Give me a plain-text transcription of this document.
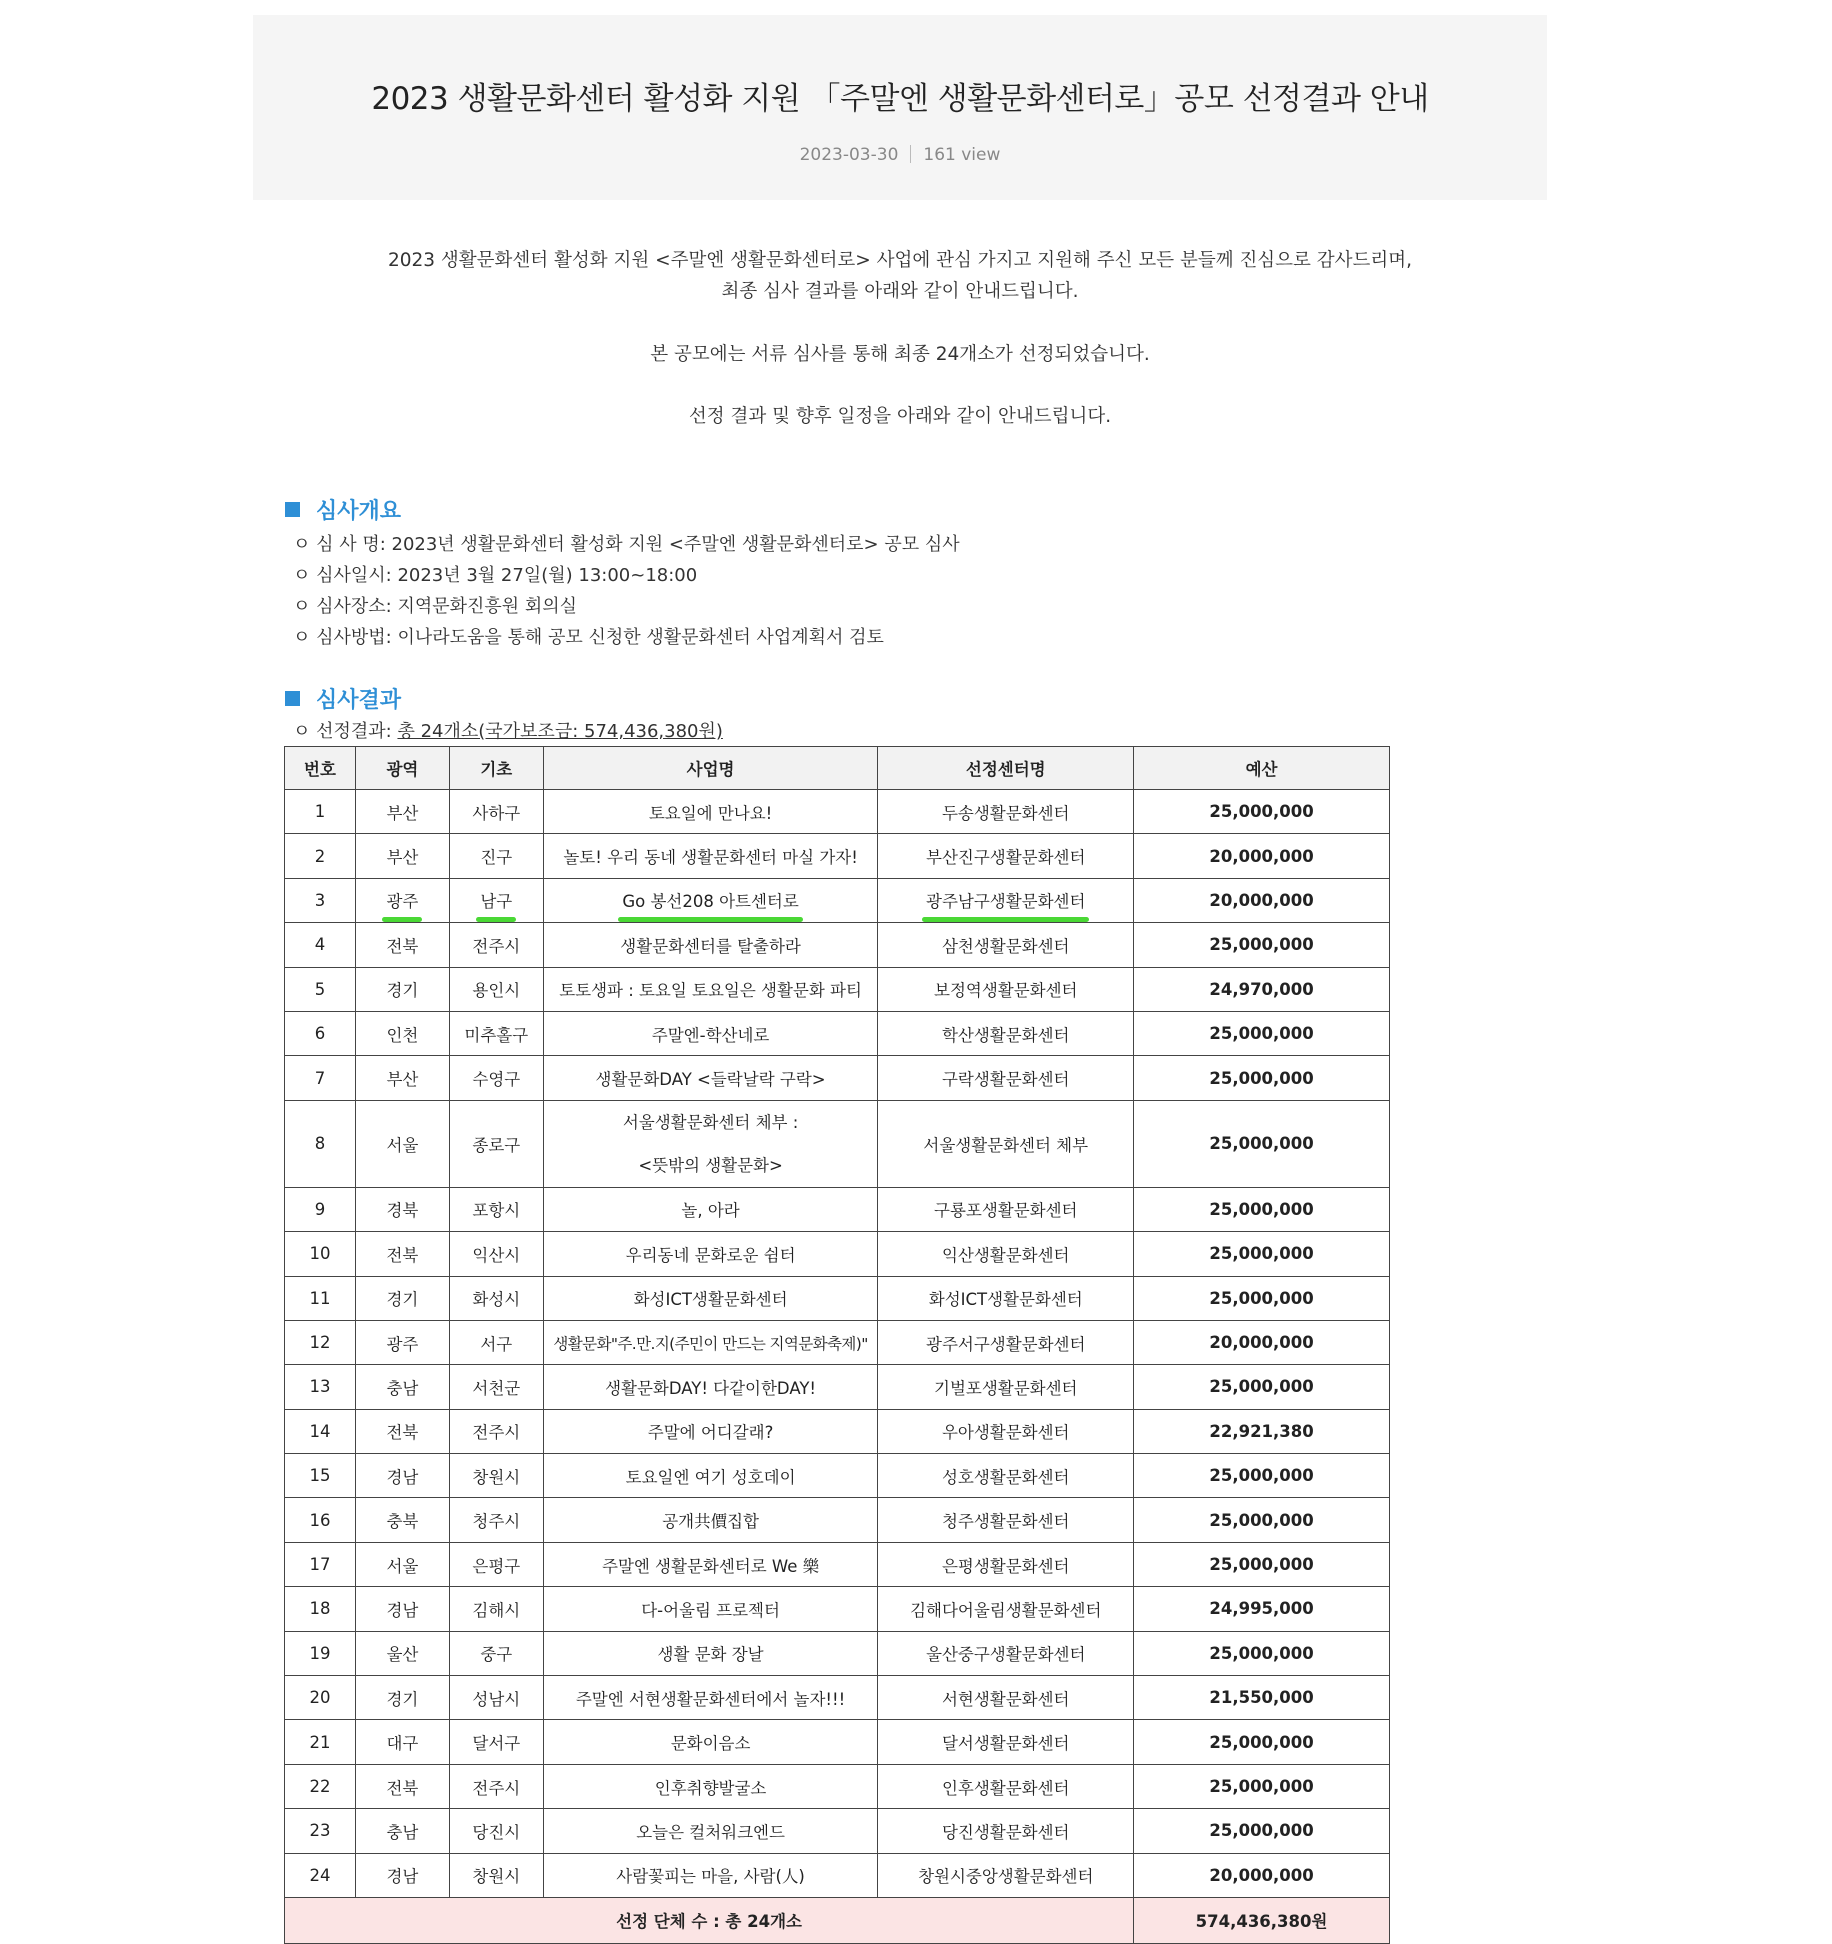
2023 생활문화센터 활성화 지원 「주말엔 생활문화센터로」공모 선정결과 안내
2023-03-30 161 view
2023 생활문화센터 활성화 지원 <주말엔 생활문화센터로> 사업에 관심 가지고 지원해 주신 모든 분들께 진심으로 감사드리며,
최종 심사 결과를 아래와 같이 안내드립니다.
본 공모에는 서류 심사를 통해 최종 24개소가 선정되었습니다.
선정 결과 및 향후 일정을 아래와 같이 안내드립니다.
심사개요
ㅇ 심 사 명: 2023년 생활문화센터 활성화 지원 <주말엔 생활문화센터로> 공모 심사
ㅇ 심사일시: 2023년 3월 27일(월) 13:00~18:00
ㅇ 심사장소: 지역문화진흥원 회의실
ㅇ 심사방법: 이나라도움을 통해 공모 신청한 생활문화센터 사업계획서 검토
심사결과
ㅇ 선정결과: 총 24개소(국가보조금: 574,436,380원)
번호	광역	기초	사업명	선정센터명	예산
1	부산	사하구	토요일에 만나요!	두송생활문화센터	25,000,000
2	부산	진구	놀토! 우리 동네 생활문화센터 마실 가자!	부산진구생활문화센터	20,000,000
3	광주	남구	Go 봉선208 아트센터로	광주남구생활문화센터	20,000,000
4	전북	전주시	생활문화센터를 탈출하라	삼천생활문화센터	25,000,000
5	경기	용인시	토토생파 : 토요일 토요일은 생활문화 파티	보정역생활문화센터	24,970,000
6	인천	미추홀구	주말엔-학산네로	학산생활문화센터	25,000,000
7	부산	수영구	생활문화DAY <들락날락 구락>	구락생활문화센터	25,000,000
8	서울	종로구	서울생활문화센터 체부 :
<뜻밖의 생활문화>	서울생활문화센터 체부	25,000,000
9	경북	포항시	놀, 아라	구룡포생활문화센터	25,000,000
10	전북	익산시	우리동네 문화로운 쉼터	익산생활문화센터	25,000,000
11	경기	화성시	화성ICT생활문화센터	화성ICT생활문화센터	25,000,000
12	광주	서구	생활문화"주.만.지(주민이 만드는 지역문화축제)"	광주서구생활문화센터	20,000,000
13	충남	서천군	생활문화DAY! 다같이한DAY!	기벌포생활문화센터	25,000,000
14	전북	전주시	주말에 어디갈래?	우아생활문화센터	22,921,380
15	경남	창원시	토요일엔 여기 성호데이	성호생활문화센터	25,000,000
16	충북	청주시	공개共價집합	청주생활문화센터	25,000,000
17	서울	은평구	주말엔 생활문화센터로 We 樂	은평생활문화센터	25,000,000
18	경남	김해시	다-어울림 프로젝터	김해다어울림생활문화센터	24,995,000
19	울산	중구	생활 문화 장날	울산중구생활문화센터	25,000,000
20	경기	성남시	주말엔 서현생활문화센터에서 놀자!!!	서현생활문화센터	21,550,000
21	대구	달서구	문화이음소	달서생활문화센터	25,000,000
22	전북	전주시	인후취향발굴소	인후생활문화센터	25,000,000
23	충남	당진시	오늘은 컬처워크엔드	당진생활문화센터	25,000,000
24	경남	창원시	사람꽃피는 마을, 사람(人)	창원시중앙생활문화센터	20,000,000
선정 단체 수 : 총 24개소					574,436,380원
